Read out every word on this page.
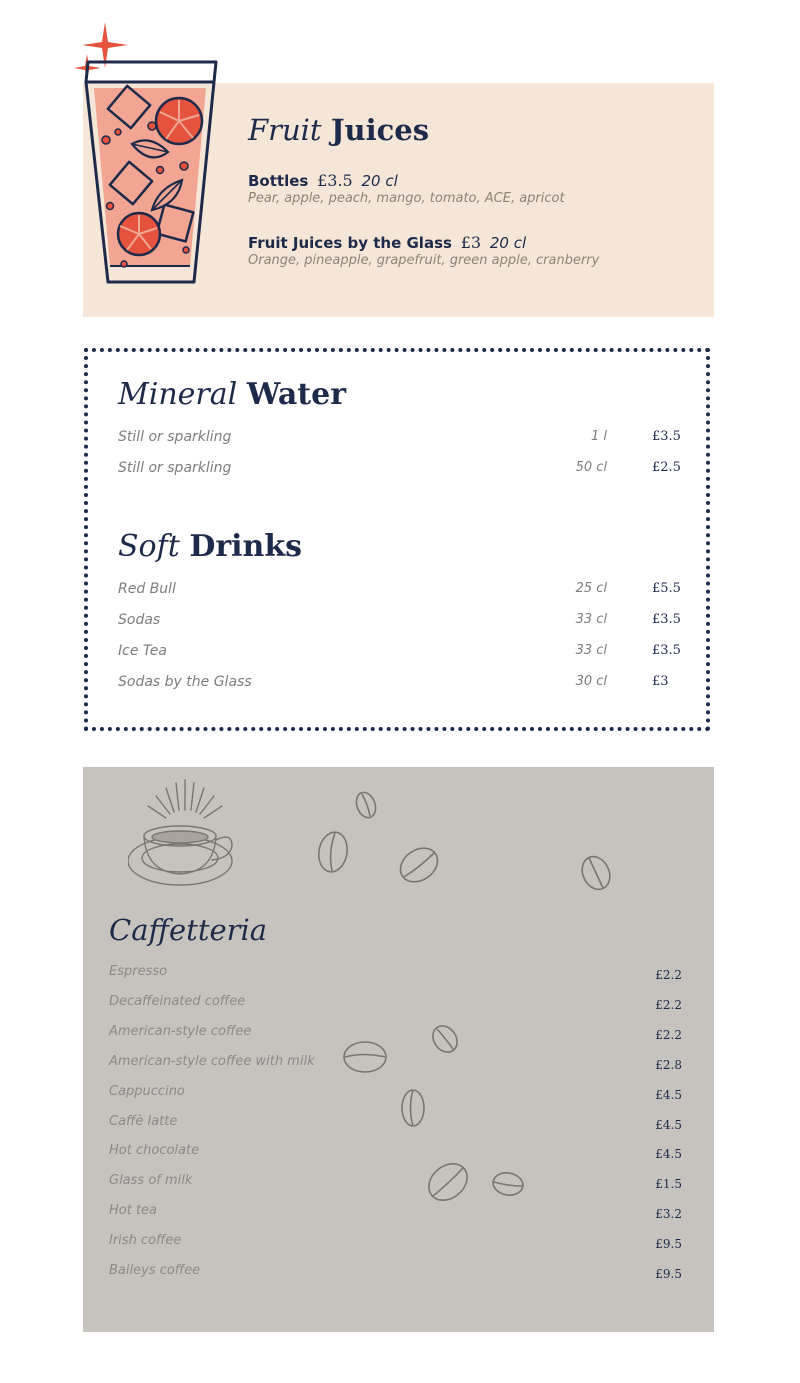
Fruit Juices
Bottles £3.5 20 cl
Pear, apple, peach, mango, tomato, ACE, apricot
Fruit Juices by the Glass £3 20 cl
Orange, pineapple, grapefruit, green apple, cranberry
Mineral Water
Still or sparkling	1 l	£3.5
Still or sparkling	50 cl	£2.5
Soft Drinks
Red Bull	25 cl	£5.5
Sodas	33 cl	£3.5
Ice Tea	33 cl	£3.5
Sodas by the Glass	30 cl	£3
Caffetteria
Espresso	£2.2
Decaffeinated coffee	£2.2
American-style coffee	£2.2
American-style coffee with milk	£2.8
Cappuccino	£4.5
Caffè latte	£4.5
Hot chocolate	£4.5
Glass of milk	£1.5
Hot tea	£3.2
Irish coffee	£9.5
Baileys coffee	£9.5
